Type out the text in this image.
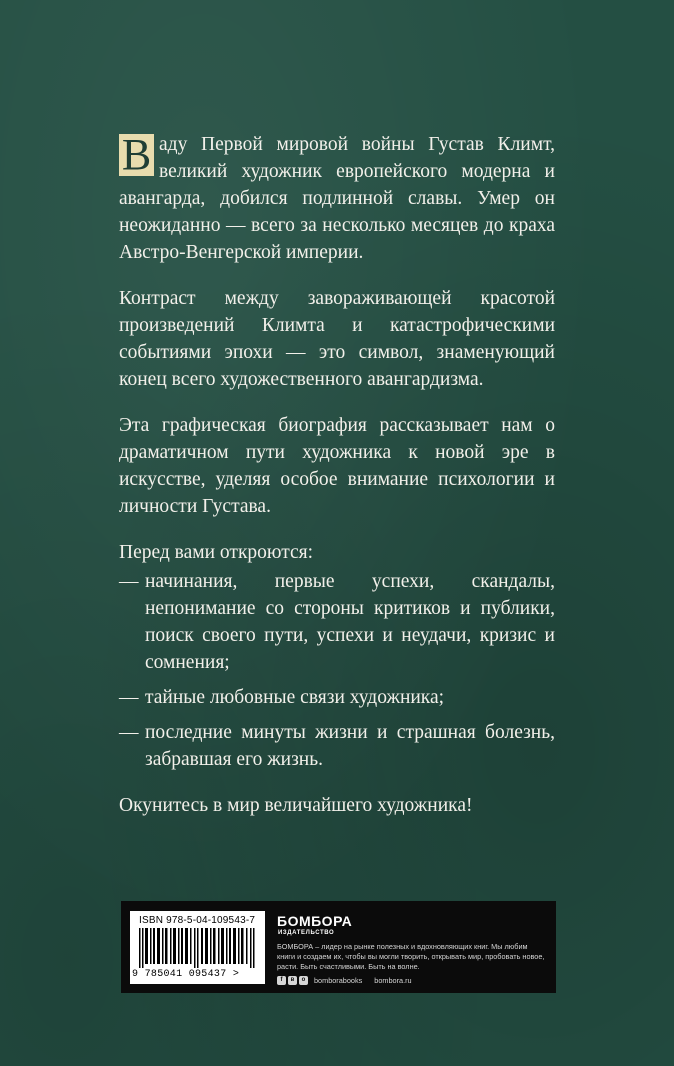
В аду Первой мировой войны Густав Климт, великий художник европейского модерна и авангарда, добился подлинной славы. Умер он неожиданно — всего за несколько месяцев до краха Австро-Венгерской империи.

Контраст между завораживающей красотой произведений Климта и катастрофическими событиями эпохи — это символ, знаменующий конец всего художественного авангардизма.

Эта графическая биография рассказывает нам о драматичном пути художника к новой эре в искусстве, уделяя особое внимание психологии и личности Густава.

Перед вами откроются:

— начинания, первые успехи, скандалы, непонимание со стороны критиков и публики, поиск своего пути, успехи и неудачи, кризис и сомнения;
— тайные любовные связи художника;
— последние минуты жизни и страшная болезнь, забравшая его жизнь.

Окунитесь в мир величайшего художника!

ISBN 978-5-04-109543-7
9 785041 095437 >
БОМБОРА
ИЗДАТЕЛЬСТВО
БОМБОРА – лидер на рынке полезных и вдохновляющих книг. Мы любим книги и создаем их, чтобы вы могли творить, открывать мир, пробовать новое, расти. Быть счастливыми. Быть на волне.
f	в	о	bomborabooks bombora.ru
